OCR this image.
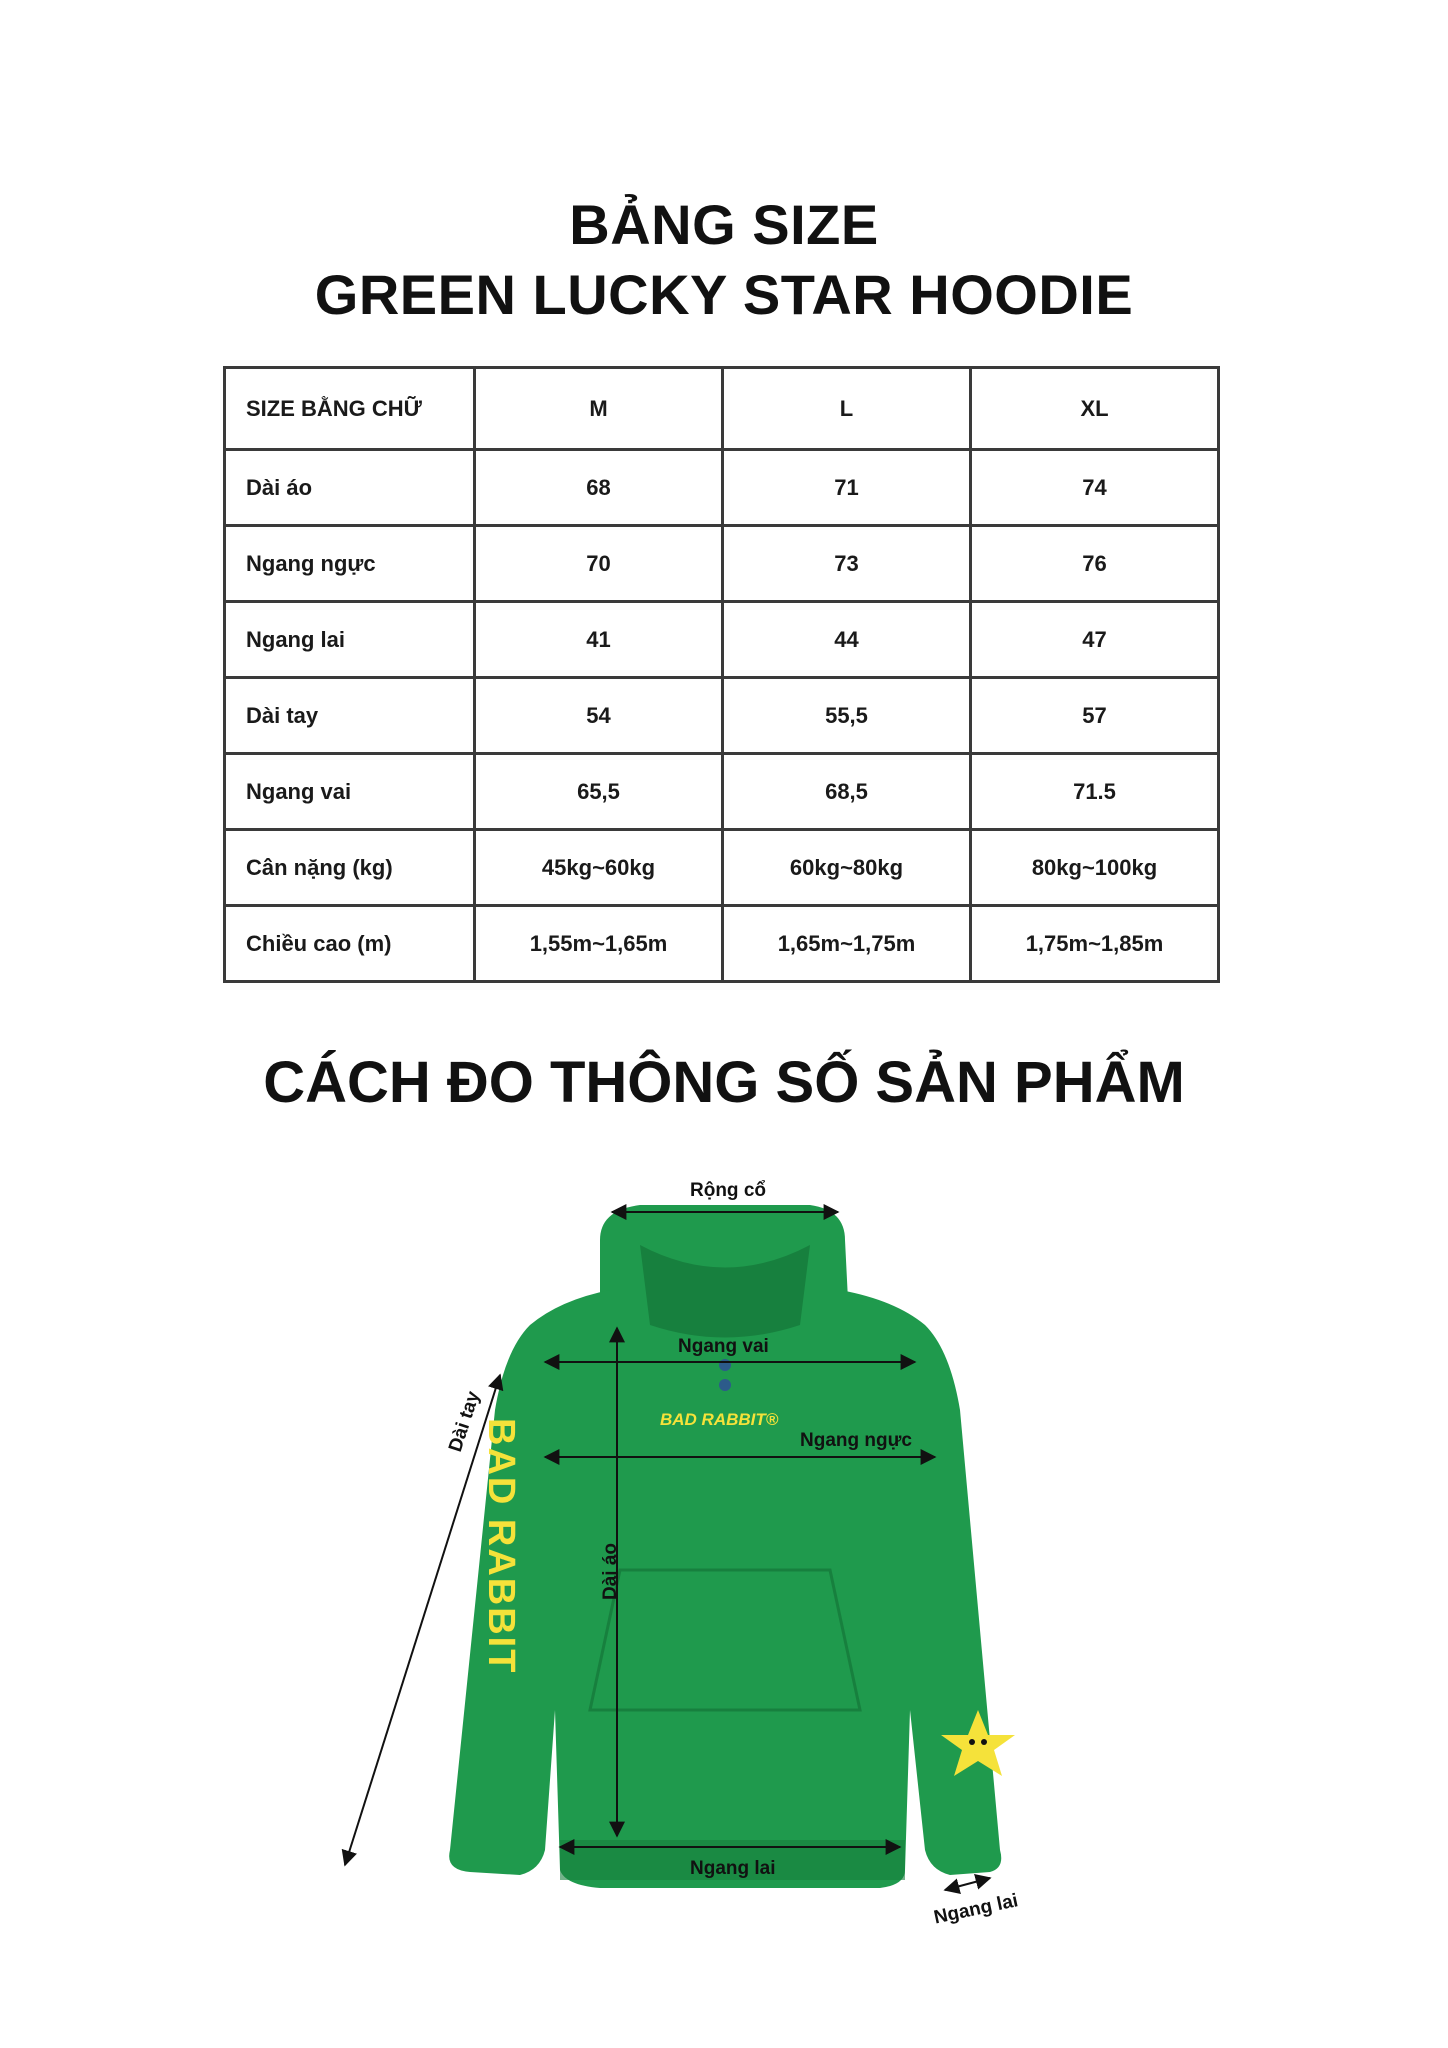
BẢNG SIZE
GREEN LUCKY STAR HOODIE
SIZE BẰNG CHỮ	M	L	XL
Dài áo	68	71	74
Ngang ngực	70	73	76
Ngang lai	41	44	47
Dài tay	54	55,5	57
Ngang vai	65,5	68,5	71.5
Cân nặng (kg)	45kg~60kg	60kg~80kg	80kg~100kg
Chiều cao (m)	1,55m~1,65m	1,65m~1,75m	1,75m~1,85m
CÁCH ĐO THÔNG SỐ SẢN PHẨM
Rộng cổ
Ngang vai
Ngang ngực
Dài áo
Ngang lai
Dài tay
Ngang lai
BAD RABBIT®
BAD RABBIT
